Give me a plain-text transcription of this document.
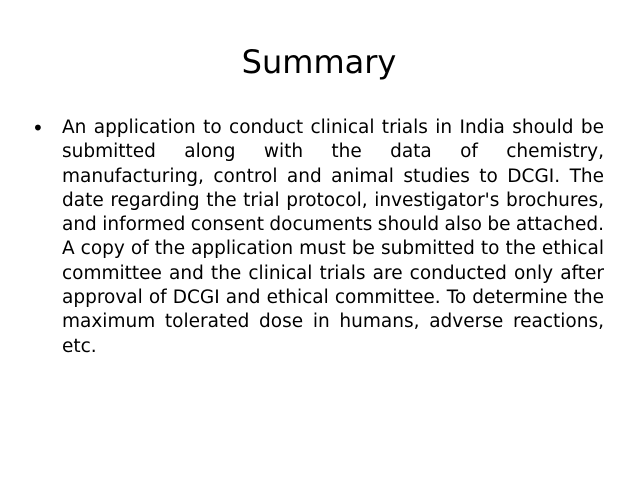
Summary
• An application to conduct clinical trials in India should be submitted along with the data of chemistry, manufacturing, control and animal studies to DCGI. The date regarding the trial protocol, investigator's brochures, and informed consent documents should also be attached. A copy of the application must be submitted to the ethical committee and the clinical trials are conducted only after approval of DCGI and ethical committee. To determine the maximum tolerated dose in humans, adverse reactions, etc.
